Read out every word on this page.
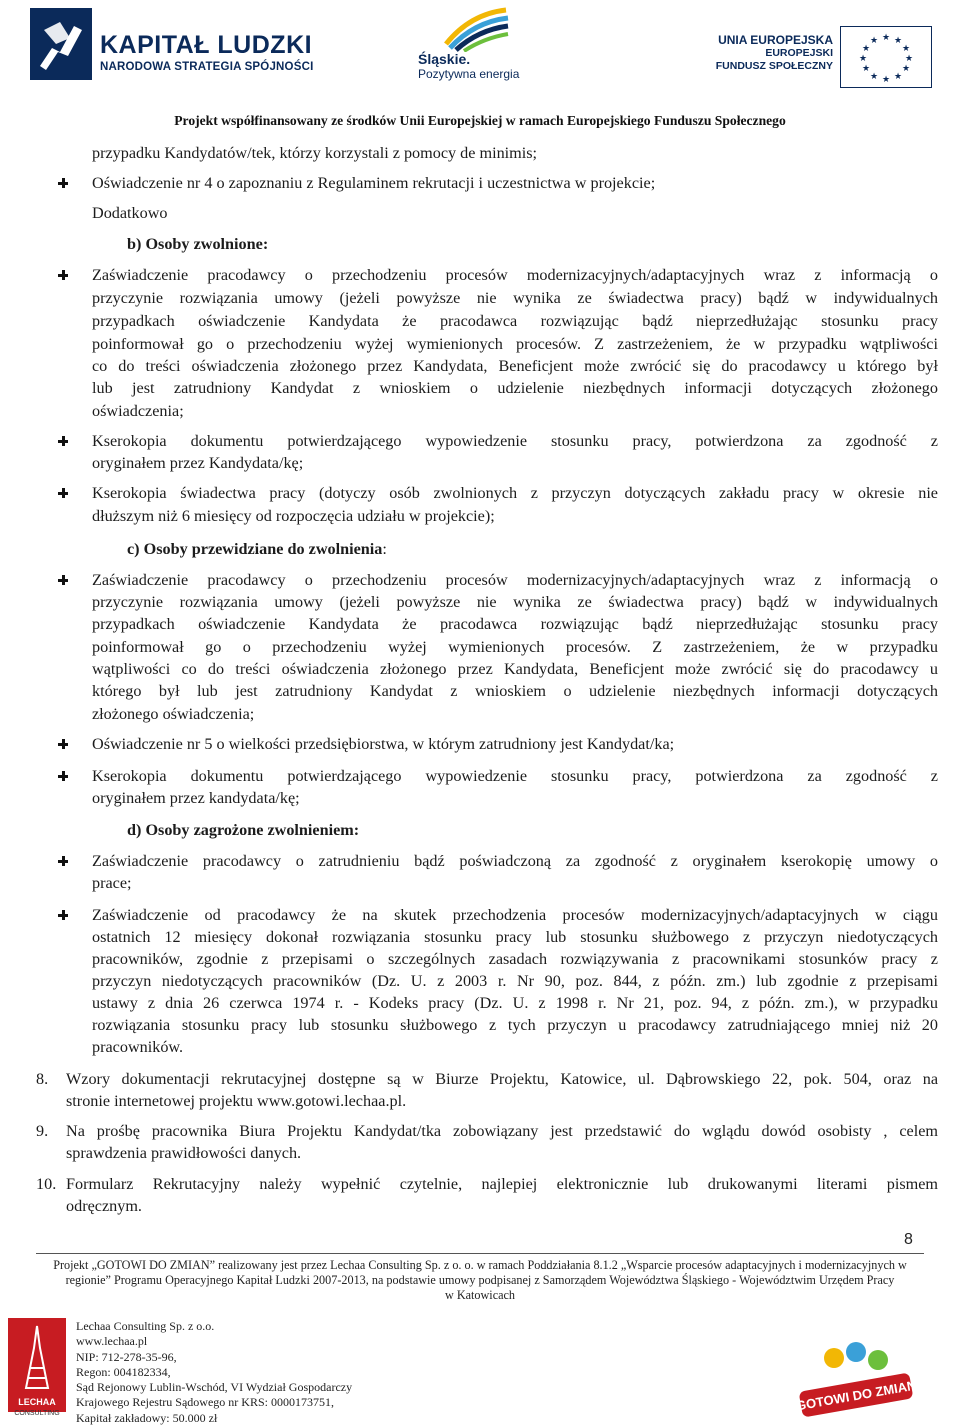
KAPITAŁ LUDZKI
NARODOWA STRATEGIA SPÓJNOŚCI	Śląskie.
Pozytywna energia
UNIA EUROPEJSKA
EUROPEJSKI
FUNDUSZ SPOŁECZNY
★ ★
★
★
★
★
★
★
★
★
★
★
Projekt współfinansowany ze środków Unii Europejskiej w ramach Europejskiego Funduszu Społecznego
przypadku Kandydatów/tek, którzy korzystali z pomocy de minimis;
Oświadczenie nr 4 o zapoznaniu z Regulaminem rekrutacji i uczestnictwa w projekcie;
Dodatkowo
b) Osoby zwolnione:
Zaświadczenie pracodawcy o przechodzeniu procesów modernizacyjnych/adaptacyjnych wraz z informacją o
przyczynie rozwiązania umowy (jeżeli powyższe nie wynika ze świadectwa pracy) bądź w indywidualnych
przypadkach oświadczenie Kandydata że pracodawca rozwiązując bądź nieprzedłużając stosunku pracy
poinformował go o przechodzeniu wyżej wymienionych procesów. Z zastrzeżeniem, że w przypadku wątpliwości
co do treści oświadczenia złożonego przez Kandydata, Beneficjent może zwrócić się do pracodawcy u którego był
lub jest zatrudniony Kandydat z wnioskiem o udzielenie niezbędnych informacji dotyczących złożonego
oświadczenia;
Kserokopia dokumentu potwierdzającego wypowiedzenie stosunku pracy, potwierdzona za zgodność z
oryginałem przez Kandydata/kę;
Kserokopia świadectwa pracy (dotyczy osób zwolnionych z przyczyn dotyczących zakładu pracy w okresie nie
dłuższym niż 6 miesięcy od rozpoczęcia udziału w projekcie);
c) Osoby przewidziane do zwolnienia:
Zaświadczenie pracodawcy o przechodzeniu procesów modernizacyjnych/adaptacyjnych wraz z informacją o
przyczynie rozwiązania umowy (jeżeli powyższe nie wynika ze świadectwa pracy) bądź w indywidualnych
przypadkach oświadczenie Kandydata że pracodawca rozwiązując bądź nieprzedłużając stosunku pracy
poinformował go o przechodzeniu wyżej wymienionych procesów. Z zastrzeżeniem, że w przypadku
wątpliwości co do treści oświadczenia złożonego przez Kandydata, Beneficjent może zwrócić się do pracodawcy u
którego był lub jest zatrudniony Kandydat z wnioskiem o udzielenie niezbędnych informacji dotyczących
złożonego oświadczenia;
Oświadczenie nr 5 o wielkości przedsiębiorstwa, w którym zatrudniony jest Kandydat/ka;
Kserokopia dokumentu potwierdzającego wypowiedzenie stosunku pracy, potwierdzona za zgodność z
oryginałem przez kandydata/kę;
d) Osoby zagrożone zwolnieniem:
Zaświadczenie pracodawcy o zatrudnieniu bądź poświadczoną za zgodność z oryginałem kserokopię umowy o
prace;
Zaświadczenie od pracodawcy że na skutek przechodzenia procesów modernizacyjnych/adaptacyjnych w ciągu
ostatnich 12 miesięcy dokonał rozwiązania stosunku pracy lub stosunku służbowego z przyczyn niedotyczących
pracowników, zgodnie z przepisami o szczególnych zasadach rozwiązywania z pracownikami stosunków pracy z
przyczyn niedotyczących pracowników (Dz. U. z 2003 r. Nr 90, poz. 844, z późn. zm.) lub zgodnie z przepisami
ustawy z dnia 26 czerwca 1974 r. - Kodeks pracy (Dz. U. z 1998 r. Nr 21, poz. 94, z późn. zm.), w przypadku
rozwiązania stosunku pracy lub stosunku służbowego z tych przyczyn u pracodawcy zatrudniającego mniej niż 20
pracowników.
8. Wzory dokumentacji rekrutacyjnej dostępne są w Biurze Projektu, Katowice, ul. Dąbrowskiego 22, pok. 504, oraz na
stronie internetowej projektu www.gotowi.lechaa.pl.
9. Na prośbę pracownika Biura Projektu Kandydat/tka zobowiązany jest przedstawić do wglądu dowód osobisty , celem
sprawdzenia prawidłowości danych.
10. Formularz Rekrutacyjny należy wypełnić czytelnie, najlepiej elektronicznie lub drukowanymi literami pismem
odręcznym.
8
Projekt „GOTOWI DO ZMIAN” realizowany jest przez Lechaa Consulting Sp. z o. o. w ramach Poddziałania 8.1.2 „Wsparcie procesów adaptacyjnych i modernizacyjnych w
regionie” Programu Operacyjnego Kapitał Ludzki 2007-2013, na podstawie umowy podpisanej z Samorządem Województwa Śląskiego - Województwim Urzędem Pracy
w Katowicach
LECHAA
CONSULTING
Lechaa Consulting Sp. z o.o.
www.lechaa.pl
NIP: 712-278-35-96,
Regon: 004182334,
Sąd Rejonowy Lublin-Wschód, VI Wydział Gospodarczy
Krajowego Rejestru Sądowego nr KRS: 0000173751,
Kapitał zakładowy: 50.000 zł
GOTOWI DO ZMIAN
